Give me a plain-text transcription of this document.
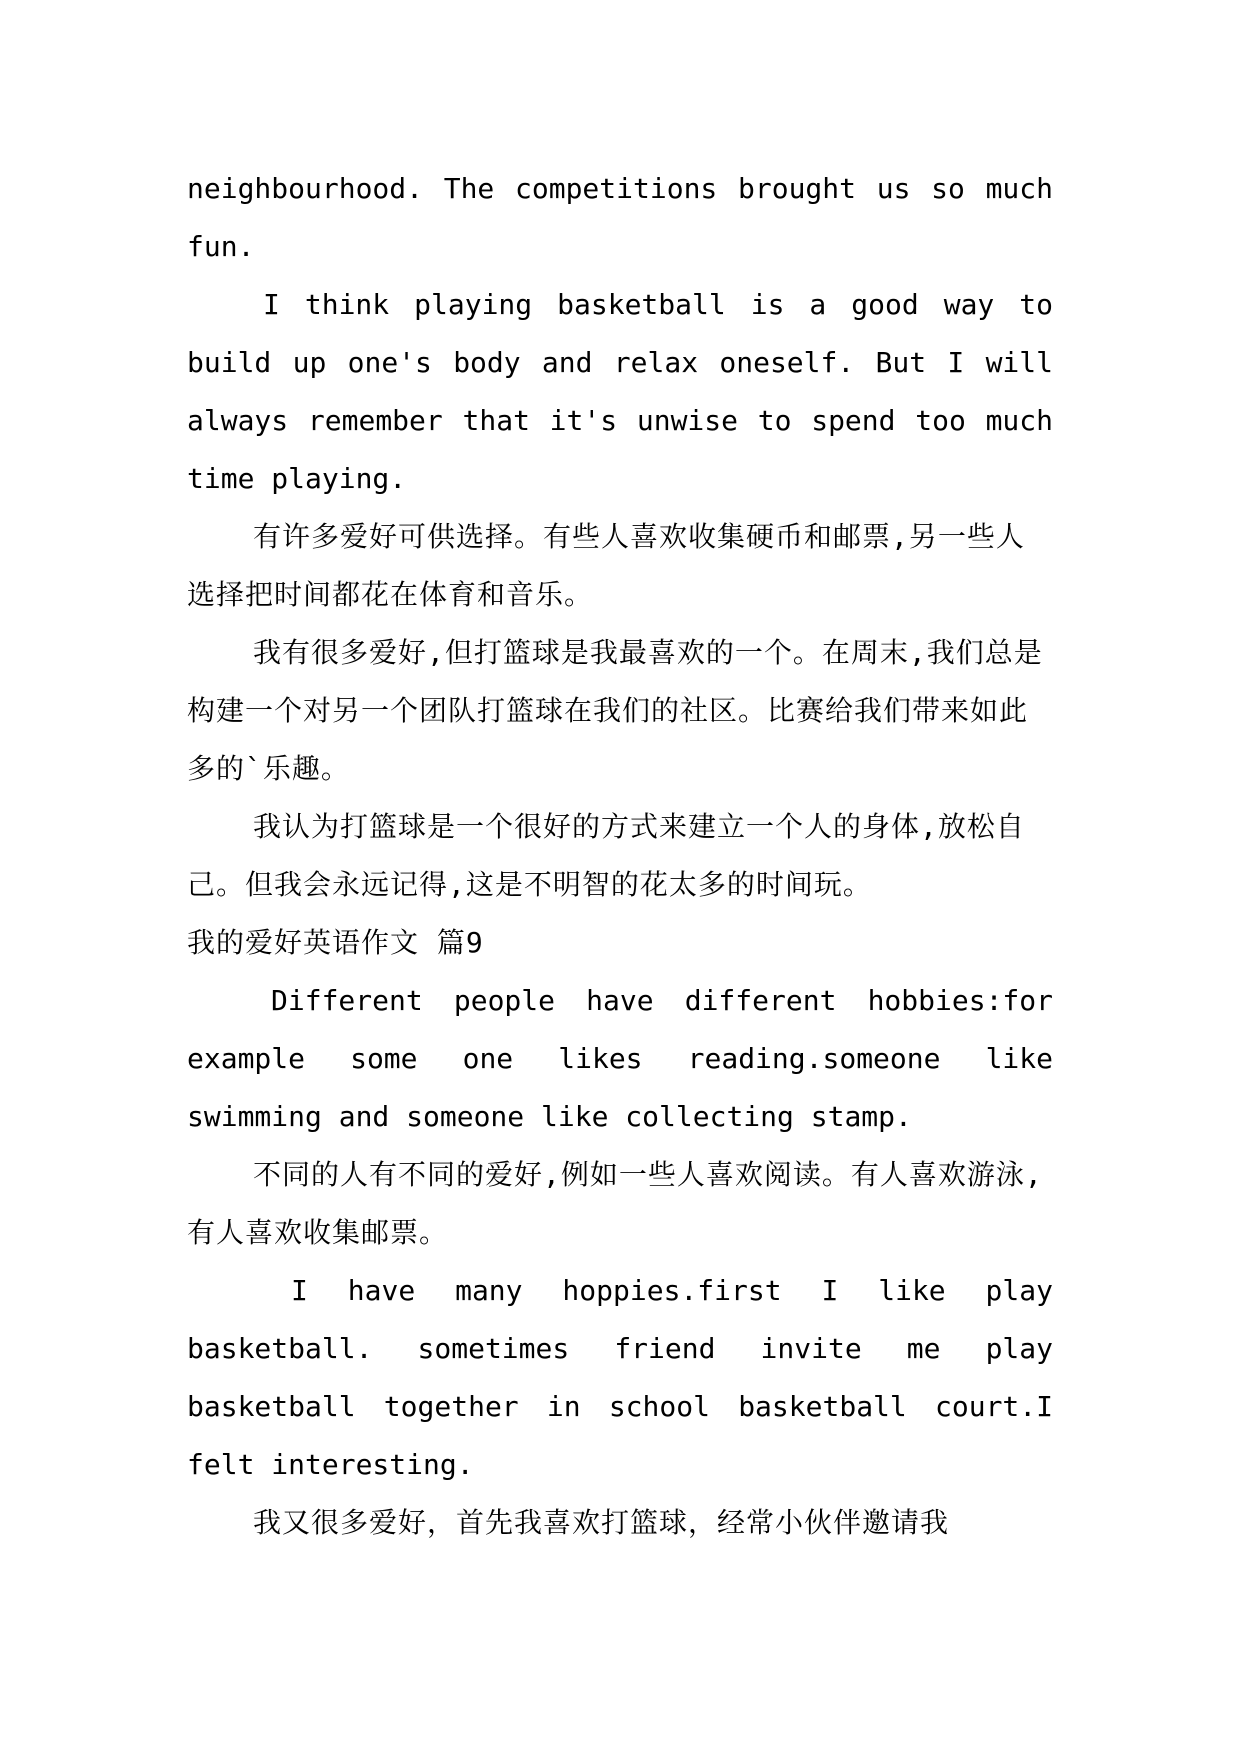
neighbourhood. The competitions brought us so much fun.

I think playing basketball is a good way to build up one's body and relax oneself. But I will always remember that it's unwise to spend too much time playing.

有许多爱好可供选择。有些人喜欢收集硬币和邮票,另一些人选择把时间都花在体育和音乐。

我有很多爱好,但打篮球是我最喜欢的一个。在周末,我们总是构建一个对另一个团队打篮球在我们的社区。比赛给我们带来如此多的`乐趣。

我认为打篮球是一个很好的方式来建立一个人的身体,放松自己。但我会永远记得,这是不明智的花太多的时间玩。

我的爱好英语作文 篇9

Different people have different hobbies:for example some one likes reading.someone like swimming and someone like collecting stamp.

不同的人有不同的爱好,例如一些人喜欢阅读。有人喜欢游泳,有人喜欢收集邮票。

I have many hoppies.first I like play basketball. sometimes friend invite me play basketball together in school basketball court.I felt interesting.

我又很多爱好，首先我喜欢打篮球，经常小伙伴邀请我
